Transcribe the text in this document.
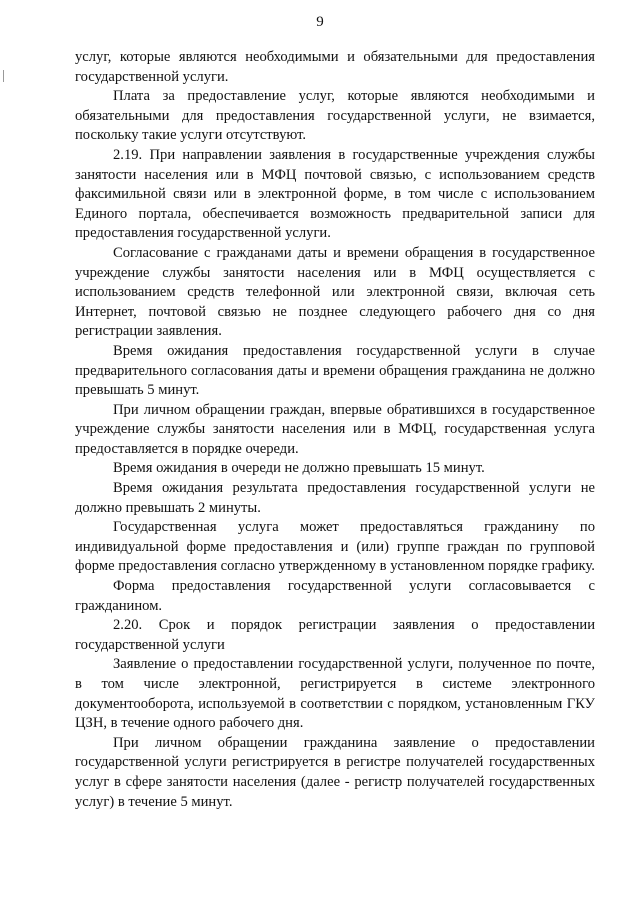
9

услуг, которые являются необходимыми и обязательными для предоставления государственной услуги.

Плата за предоставление услуг, которые являются необходимыми и обязательными для предоставления государственной услуги, не взимается, поскольку такие услуги отсутствуют.

2.19. При направлении заявления в государственные учреждения службы занятости населения или в МФЦ почтовой связью, с использованием средств факсимильной связи или в электронной форме, в том числе с использованием Единого портала, обеспечивается возможность предварительной записи для предоставления государственной услуги.

Согласование с гражданами даты и времени обращения в государственное учреждение службы занятости населения или в МФЦ осуществляется с использованием средств телефонной или электронной связи, включая сеть Интернет, почтовой связью не позднее следующего рабочего дня со дня регистрации заявления.

Время ожидания предоставления государственной услуги в случае предварительного согласования даты и времени обращения гражданина не должно превышать 5 минут.

При личном обращении граждан, впервые обратившихся в государственное учреждение службы занятости населения или в МФЦ, государственная услуга предоставляется в порядке очереди.

Время ожидания в очереди не должно превышать 15 минут.

Время ожидания результата предоставления государственной услуги не должно превышать 2 минуты.

Государственная услуга может предоставляться гражданину по индивидуальной форме предоставления и (или) группе граждан по групповой форме предоставления согласно утвержденному в установленном порядке графику.

Форма предоставления государственной услуги согласовывается с гражданином.

2.20. Срок и порядок регистрации заявления о предоставлении государственной услуги

Заявление о предоставлении государственной услуги, полученное по почте, в том числе электронной, регистрируется в системе электронного документооборота, используемой в соответствии с порядком, установленным ГКУ ЦЗН, в течение одного рабочего дня.

При личном обращении гражданина заявление о предоставлении государственной услуги регистрируется в регистре получателей государственных услуг в сфере занятости населения (далее - регистр получателей государственных услуг) в течение 5 минут.
